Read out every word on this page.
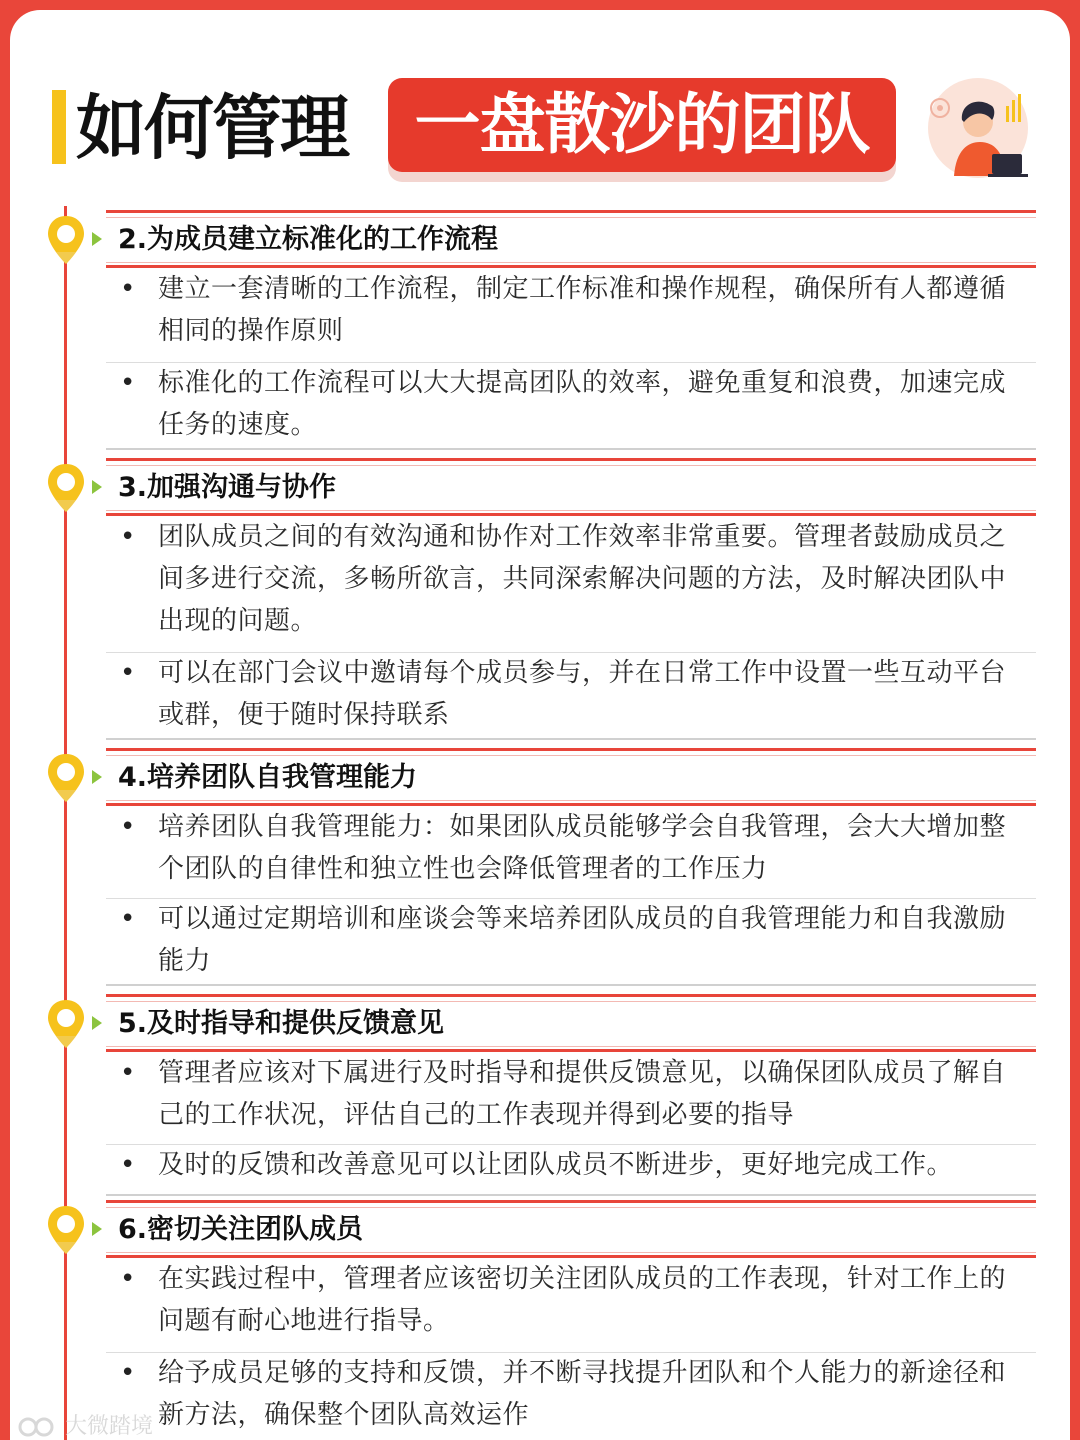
如何管理	一盘散沙的团队
2.为成员建立标准化的工作流程
• 建立一套清晰的工作流程，制定工作标准和操作规程，确保所有人都遵循相同的操作原则
• 标准化的工作流程可以大大提高团队的效率，避免重复和浪费，加速完成任务的速度。
3.加强沟通与协作
• 团队成员之间的有效沟通和协作对工作效率非常重要。管理者鼓励成员之间多进行交流，多畅所欲言，共同深索解决问题的方法，及时解决团队中出现的问题。
• 可以在部门会议中邀请每个成员参与，并在日常工作中设置一些互动平台或群，便于随时保持联系
4.培养团队自我管理能力
• 培养团队自我管理能力：如果团队成员能够学会自我管理，会大大增加整个团队的自律性和独立性也会降低管理者的工作压力
• 可以通过定期培训和座谈会等来培养团队成员的自我管理能力和自我激励能力
5.及时指导和提供反馈意见
• 管理者应该对下属进行及时指导和提供反馈意见，以确保团队成员了解自己的工作状况，评估自己的工作表现并得到必要的指导
• 及时的反馈和改善意见可以让团队成员不断进步，更好地完成工作。
6.密切关注团队成员
• 在实践过程中，管理者应该密切关注团队成员的工作表现，针对工作上的问题有耐心地进行指导。
• 给予成员足够的支持和反馈，并不断寻找提升团队和个人能力的新途径和新方法，确保整个团队高效运作
大微踏境
